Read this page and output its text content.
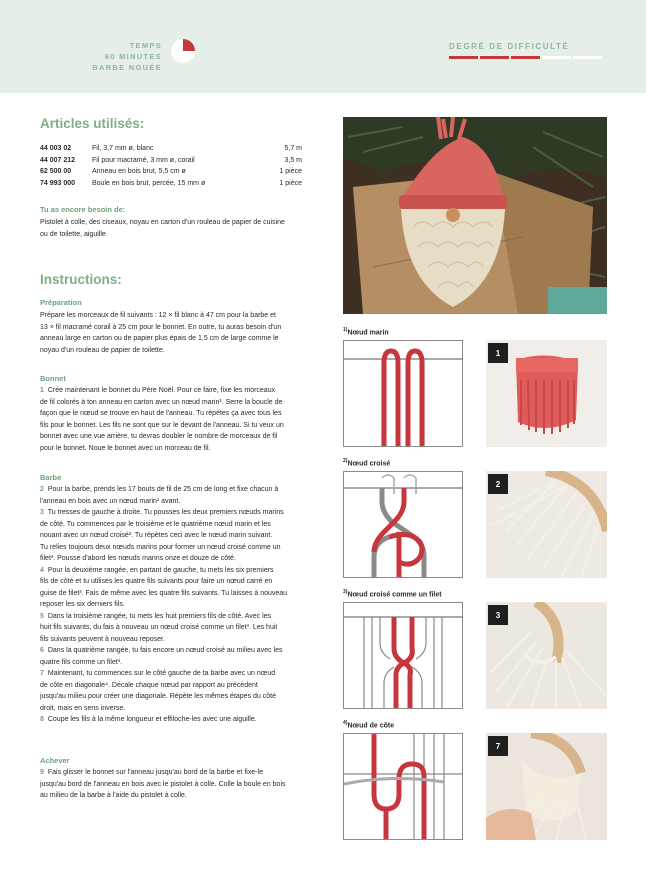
TEMPS
60 MINUTES
BARBE NOUÉE
DEGRÉ DE DIFFICULTÉ
Articles utilisés:
44 003 02	Fil, 3,7 mm ø, blanc	5,7 m
44 007 212	Fil pour macramé, 3 mm ø, corail	3,5 m
62 500 00	Anneau en bois brut, 5,5 cm ø	1 pièce
74 993 000	Boule en bois brut, percée, 15 mm ø	1 pièce
Tu as encore besoin de:
Pistolet à colle, des ciseaux, noyau en carton d'un rouleau de papier de cuisine
ou de toilette, aiguille
Instructions:
Préparation
Prépare les morceaux de fil suivants : 12 × fil blanc à 47 cm pour la barbe et
13 × fil macramé corail à 25 cm pour le bonnet. En outre, tu auras besoin d'un
anneau large en carton ou de papier plus épais de 1,5 cm de large comme le
noyau d'un rouleau de papier de toilette.
Bonnet
1 Crée maintenant le bonnet du Père Noël. Pour ce faire, fixe les morceaux
de fil colorés à ton anneau en carton avec un nœud marin¹. Serre la boucle de
façon que le nœud se trouve en haut de l'anneau. Tu répètes ça avec tous les
fils pour le bonnet. Les fils ne sont que sur le devant de l'anneau. Si tu veux un
bonnet avec une vue arrière, tu devras doubler le nombre de morceaux de fil
pour le bonnet. Noue le bonnet avec un morceau de fil.
Barbe
2 Pour la barbe, prends les 17 bouts de fil de 25 cm de long et fixe chacun à
l'anneau en bois avec un nœud marin¹ avant.
3 Tu tresses de gauche à droite. Tu pousses les deux premiers nœuds marins
de côté. Tu commences par le troisième et le quatrième nœud marin et les
nouant avec un nœud croisé². Tu répètes ceci avec le nœud marin suivant.
Tu relies toujours deux nœuds marins pour former un nœud croisé comme un
filet³. Pousse d'abord les nœuds marins onze et douze de côté.
4 Pour la deuxième rangée, en partant de gauche, tu mets les six premiers
fils de côté et tu utilises les quatre fils suivants pour faire un nœud carré en
guise de filet³. Fais de même avec les quatre fils suivants. Tu laisses à nouveau
reposer les six derniers fils.
5 Dans la troisième rangée, tu mets les huit premiers fils de côté. Avec les
huit fils suivants, du fais à nouveau un nœud croisé comme un filet³. Les huit
fils suivants peuvent à nouveau reposer.
6 Dans la quatrième rangée, tu fais encore un nœud croisé au milieu avec les
quatre fils comme un filet³.
7 Maintenant, tu commences sur le côté gauche de ta barbe avec un nœud
de côte en diagonale⁴. Décale chaque nœud par rapport au précédent
jusqu'au milieu pour créer une diagonale. Répète les mêmes étapes du côté
droit, mais en sens inverse.
8 Coupe les fils à la même longueur et effiloche-les avec une aiguille.
Achever
9 Fais glisser le bonnet sur l'anneau jusqu'au bord de la barbe et fixe-le
jusqu'au bord de l'anneau en bois avec le pistolet à colle. Colle la boule en bois
au milieu de la barbe à l'aide du pistolet à colle.
$^{1)}$Nœud marin
1
$^{2)}$Nœud croisé
2
$^{3)}$Nœud croisé comme un filet
3
$^{4)}$Nœud de côte
7
